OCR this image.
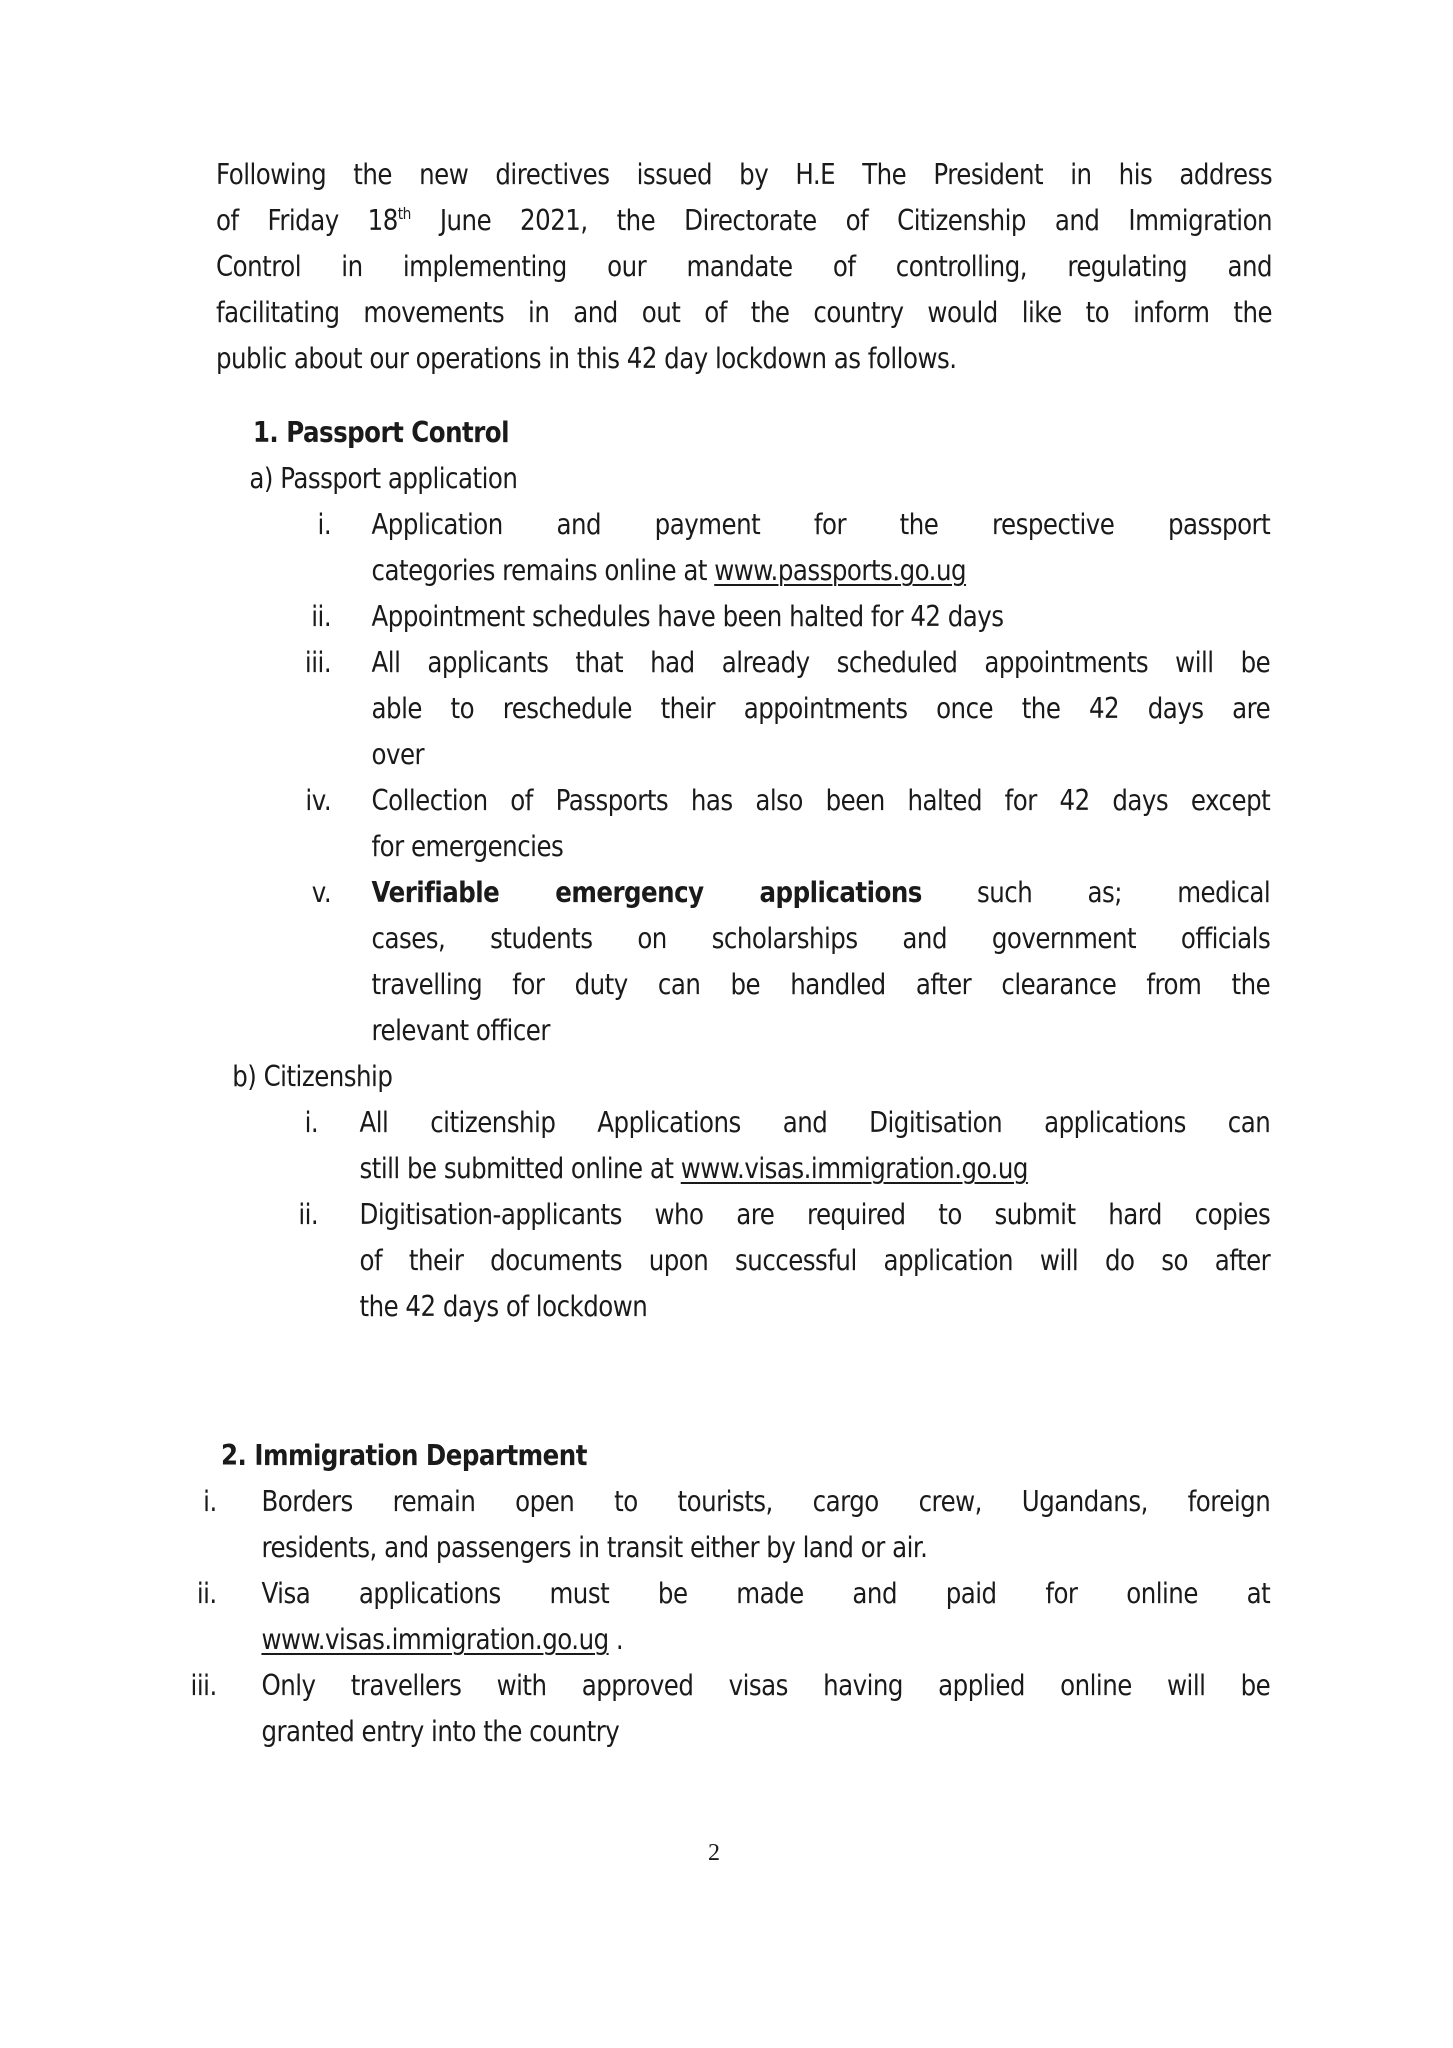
Following the new directives issued by H.E The President in his address
of Friday 18th June 2021, the Directorate of Citizenship and Immigration
Control in implementing our mandate of controlling, regulating and
facilitating movements in and out of the country would like to inform the
public about our operations in this 42 day lockdown as follows.
1. Passport Control
a) Passport application
Application and payment for the respective passport
i.
categories remains online at www.passports.go.ug
Appointment schedules have been halted for 42 days
ii.
All applicants that had already scheduled appointments will be
iii.
able to reschedule their appointments once the 42 days are
over
Collection of Passports has also been halted for 42 days except
iv.
for emergencies
Verifiable emergency applications such as; medical
v.
cases, students on scholarships and government officials
travelling for duty can be handled after clearance from the
relevant officer
b) Citizenship
All citizenship Applications and Digitisation applications can
i.
still be submitted online at www.visas.immigration.go.ug
Digitisation-applicants who are required to submit hard copies
ii.
of their documents upon successful application will do so after
the 42 days of lockdown
2. Immigration Department
Borders remain open to tourists, cargo crew, Ugandans, foreign
i.
residents, and passengers in transit either by land or air.
Visa applications must be made and paid for online at
ii.
www.visas.immigration.go.ug .
Only travellers with approved visas having applied online will be
iii.
granted entry into the country
2
